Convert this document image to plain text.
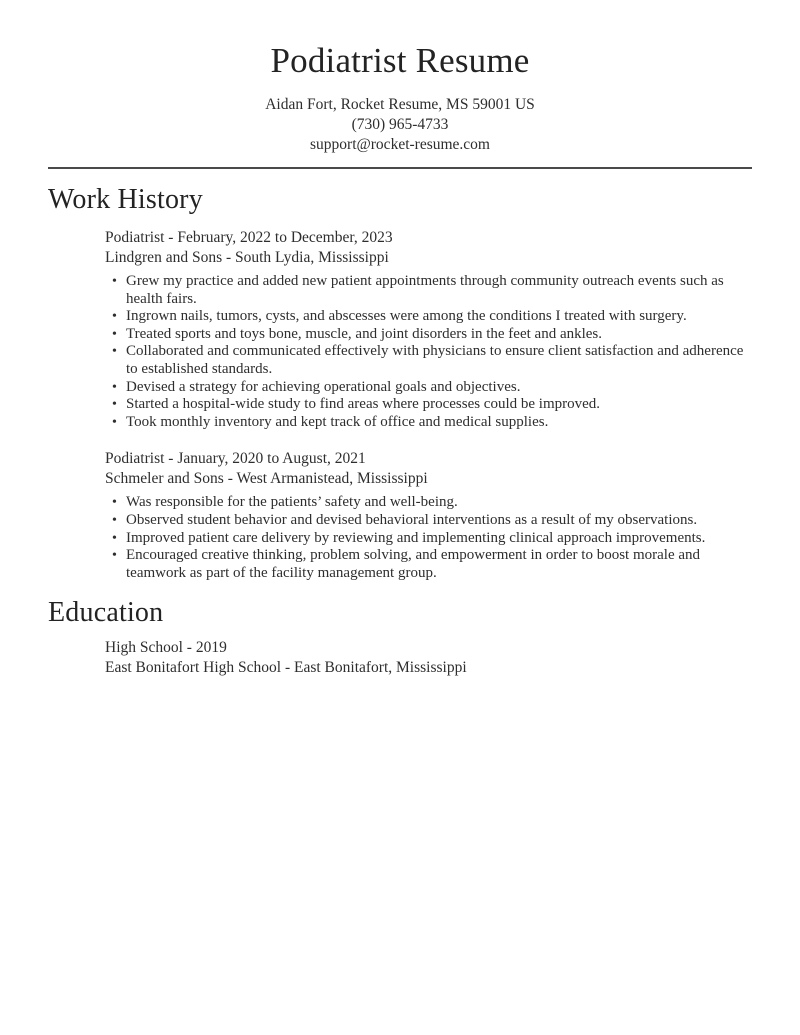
Podiatrist Resume
Aidan Fort, Rocket Resume, MS 59001 US
(730) 965-4733
support@rocket-resume.com
Work History
Podiatrist - February, 2022 to December, 2023
Lindgren and Sons - South Lydia, Mississippi
• Grew my practice and added new patient appointments through community outreach events such as health fairs.
• Ingrown nails, tumors, cysts, and abscesses were among the conditions I treated with surgery.
• Treated sports and toys bone, muscle, and joint disorders in the feet and ankles.
• Collaborated and communicated effectively with physicians to ensure client satisfaction and adherence to established standards.
• Devised a strategy for achieving operational goals and objectives.
• Started a hospital-wide study to find areas where processes could be improved.
• Took monthly inventory and kept track of office and medical supplies.
Podiatrist - January, 2020 to August, 2021
Schmeler and Sons - West Armanistead, Mississippi
• Was responsible for the patients’ safety and well-being.
• Observed student behavior and devised behavioral interventions as a result of my observations.
• Improved patient care delivery by reviewing and implementing clinical approach improvements.
• Encouraged creative thinking, problem solving, and empowerment in order to boost morale and teamwork as part of the facility management group.
Education
High School - 2019
East Bonitafort High School - East Bonitafort, Mississippi
